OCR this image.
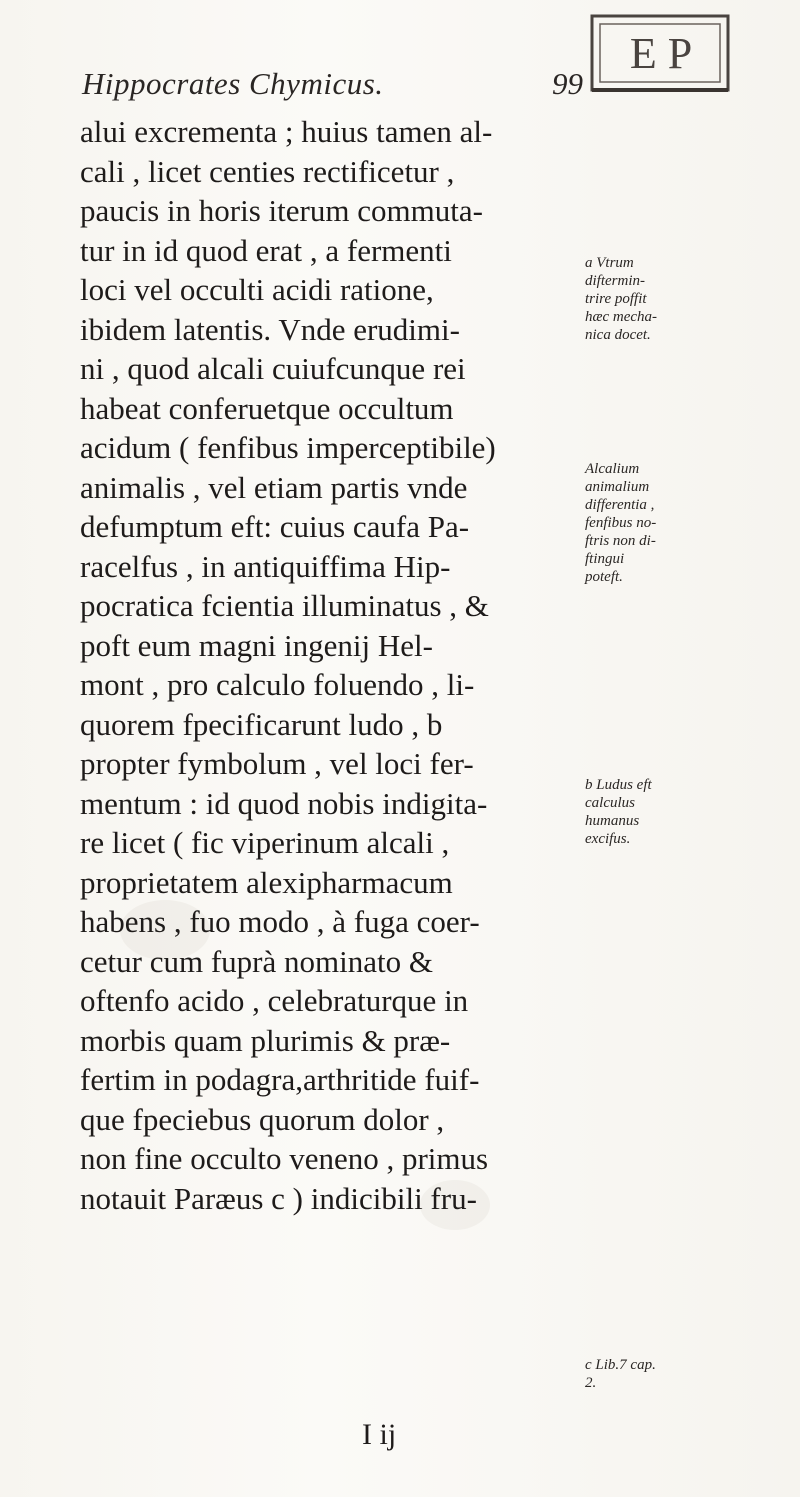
Hippocrates Chymicus.	99
E P
alui excrementa ; huius tamen al-
cali , licet centies rectificetur ,
paucis in horis iterum commuta-
tur in id quod erat , a fermenti
loci vel occulti acidi ratione,
ibidem latentis. Vnde erudimi-
ni , quod alcali cuiufcunque rei
habeat conferuetque occultum
acidum ( fenfibus imperceptibile)
animalis , vel etiam partis vnde
defumptum eft: cuius caufa Pa-
racelfus , in antiquiffima Hip-
pocratica fcientia illuminatus , &
poft eum magni ingenij Hel-
mont , pro calculo foluendo , li-
quorem fpecificarunt ludo , b
propter fymbolum , vel loci fer-
mentum : id quod nobis indigita-
re licet ( fic viperinum alcali ,
proprietatem alexipharmacum
habens , fuo modo , à fuga coer-
cetur cum fuprà nominato &
oftenfo acido , celebraturque in
morbis quam plurimis & præ-
fertim in podagra,arthritide fuif-
que fpeciebus quorum dolor ,
non fine occulto veneno , primus
notauit Paræus c ) indicibili fru-
I ij
a Vtrum
diftermin-
trire poffit
hæc mecha-
nica docet.
Alcalium
animalium
differentia ,
fenfibus no-
ftris non di-
ftingui
poteft.
b Ludus eft
calculus
humanus
excifus.
c Lib.7 cap.
2.
